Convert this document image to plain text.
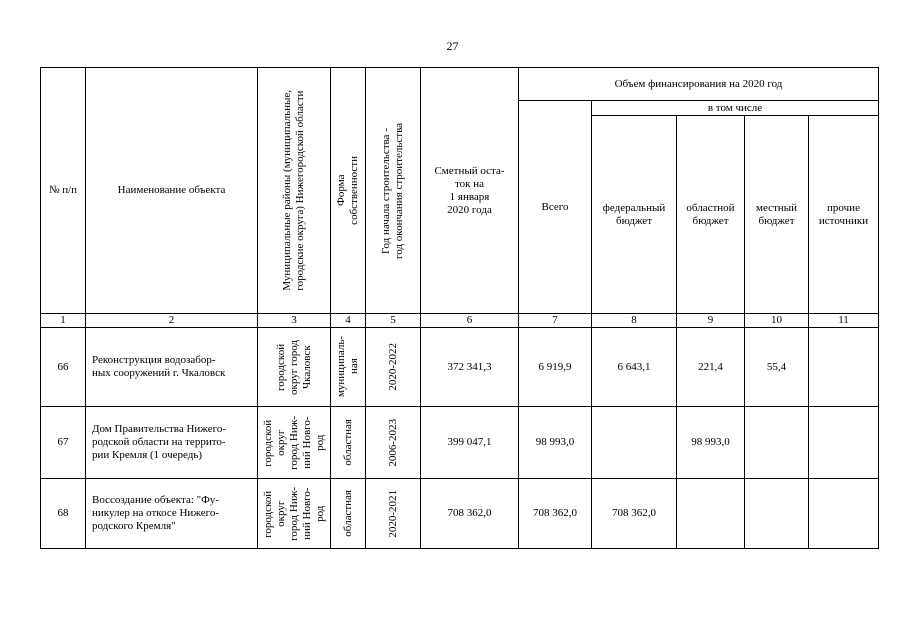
27
№ п/п	Наименование объекта	Муниципальные районы (муниципальные,
городские округа) Нижегородской области	Форма
собственности	Год начала строительства -
год окончания строительства	Сметный оста-
ток на
1 января
2020 года	Объем финансирования на 2020 год				
						Всего	в том числе			
							федеральный
бюджет	областной
бюджет	местный
бюджет	прочие
источники
1	2	3	4	5	6	7	8	9	10	11
66	Реконструкция водозабор-
ных сооружений г. Чкаловск	городской
округ город
Чкаловск	муниципаль-
ная	2020-2022	372 341,3	6 919,9	6 643,1	221,4	55,4	
67	Дом Правительства Нижего-
родской области на террито-
рии Кремля (1 очередь)	городской
округ
город Ниж-
ний Новго-
род	областная	2006-2023	399 047,1	98 993,0		98 993,0		
68	Воссоздание объекта: "Фу-
никулер на откосе Нижего-
родского Кремля"	городской
округ
город Ниж-
ний Новго-
род	областная	2020-2021	708 362,0	708 362,0	708 362,0			
